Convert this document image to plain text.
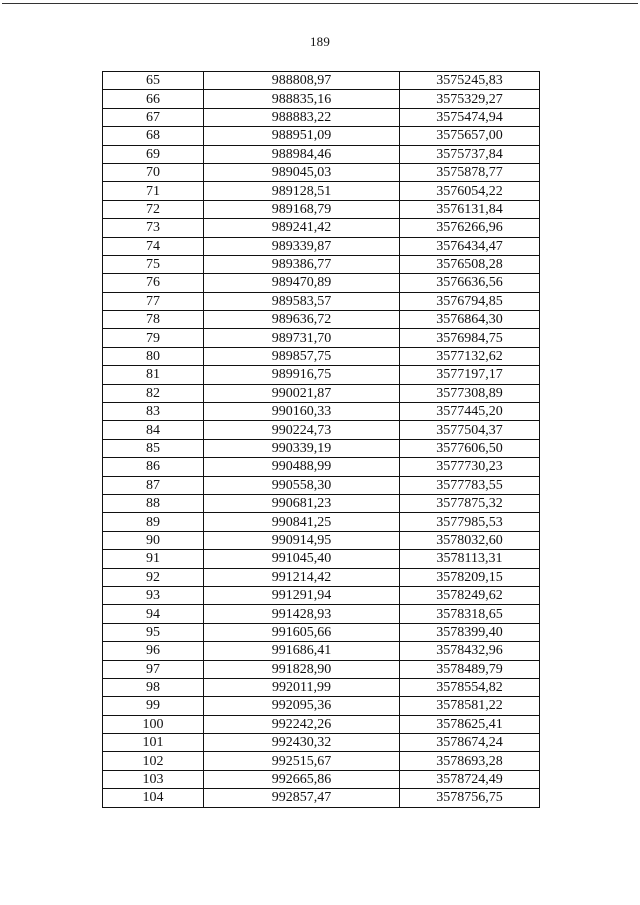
189
65	988808,97	3575245,83
66	988835,16	3575329,27
67	988883,22	3575474,94
68	988951,09	3575657,00
69	988984,46	3575737,84
70	989045,03	3575878,77
71	989128,51	3576054,22
72	989168,79	3576131,84
73	989241,42	3576266,96
74	989339,87	3576434,47
75	989386,77	3576508,28
76	989470,89	3576636,56
77	989583,57	3576794,85
78	989636,72	3576864,30
79	989731,70	3576984,75
80	989857,75	3577132,62
81	989916,75	3577197,17
82	990021,87	3577308,89
83	990160,33	3577445,20
84	990224,73	3577504,37
85	990339,19	3577606,50
86	990488,99	3577730,23
87	990558,30	3577783,55
88	990681,23	3577875,32
89	990841,25	3577985,53
90	990914,95	3578032,60
91	991045,40	3578113,31
92	991214,42	3578209,15
93	991291,94	3578249,62
94	991428,93	3578318,65
95	991605,66	3578399,40
96	991686,41	3578432,96
97	991828,90	3578489,79
98	992011,99	3578554,82
99	992095,36	3578581,22
100	992242,26	3578625,41
101	992430,32	3578674,24
102	992515,67	3578693,28
103	992665,86	3578724,49
104	992857,47	3578756,75
